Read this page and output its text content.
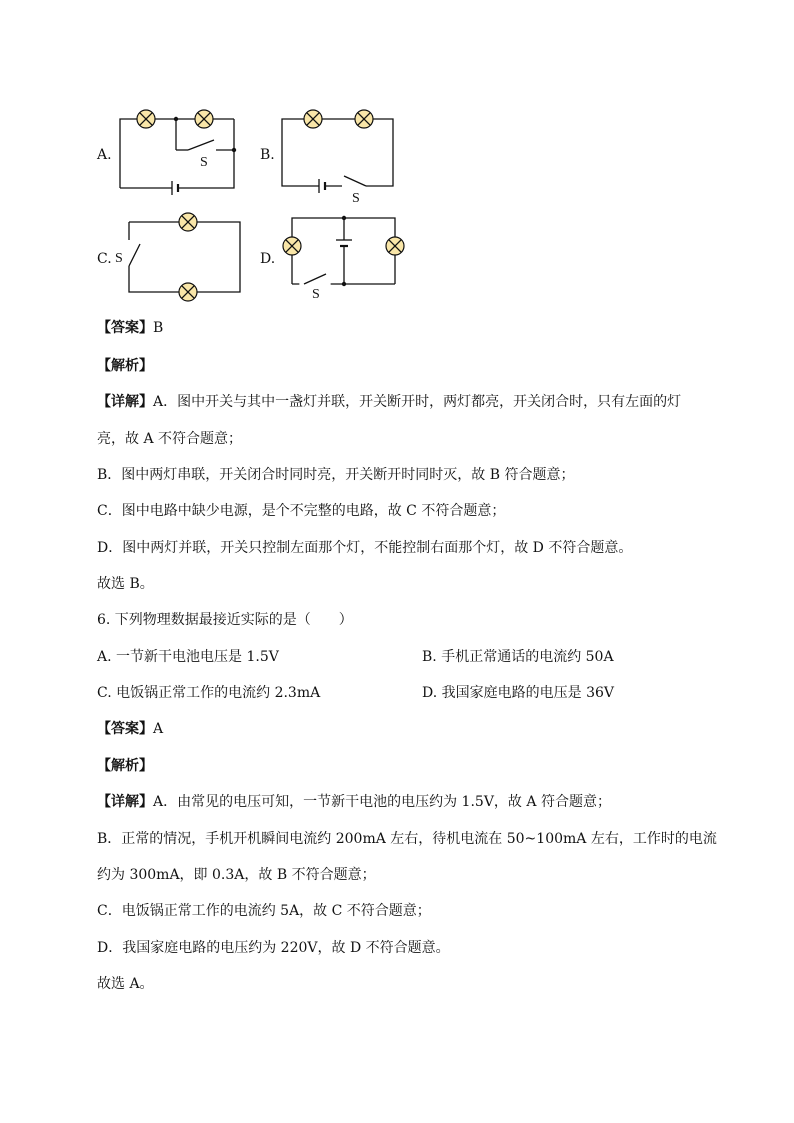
A.	S	B.
S
C. S	D.
S
【答案】B
【解析】
【详解】A．图中开关与其中一盏灯并联，开关断开时，两灯都亮，开关闭合时，只有左面的灯
亮，故 A 不符合题意；
B．图中两灯串联，开关闭合时同时亮，开关断开时同时灭，故 B 符合题意；
C．图中电路中缺少电源，是个不完整的电路，故 C 不符合题意；
D．图中两灯并联，开关只控制左面那个灯，不能控制右面那个灯，故 D 不符合题意。
故选 B。
6. 下列物理数据最接近实际的是（　　）
A. 一节新干电池电压是 1.5V	B. 手机正常通话的电流约 50A
C. 电饭锅正常工作的电流约 2.3mA	D. 我国家庭电路的电压是 36V
【答案】A
【解析】
【详解】A．由常见的电压可知，一节新干电池的电压约为 1.5V，故 A 符合题意；
B．正常的情况，手机开机瞬间电流约 200mA 左右，待机电流在 50~100mA 左右，工作时的电流
约为 300mA，即 0.3A，故 B 不符合题意；
C．电饭锅正常工作的电流约 5A，故 C 不符合题意；
D．我国家庭电路的电压约为 220V，故 D 不符合题意。
故选 A。
